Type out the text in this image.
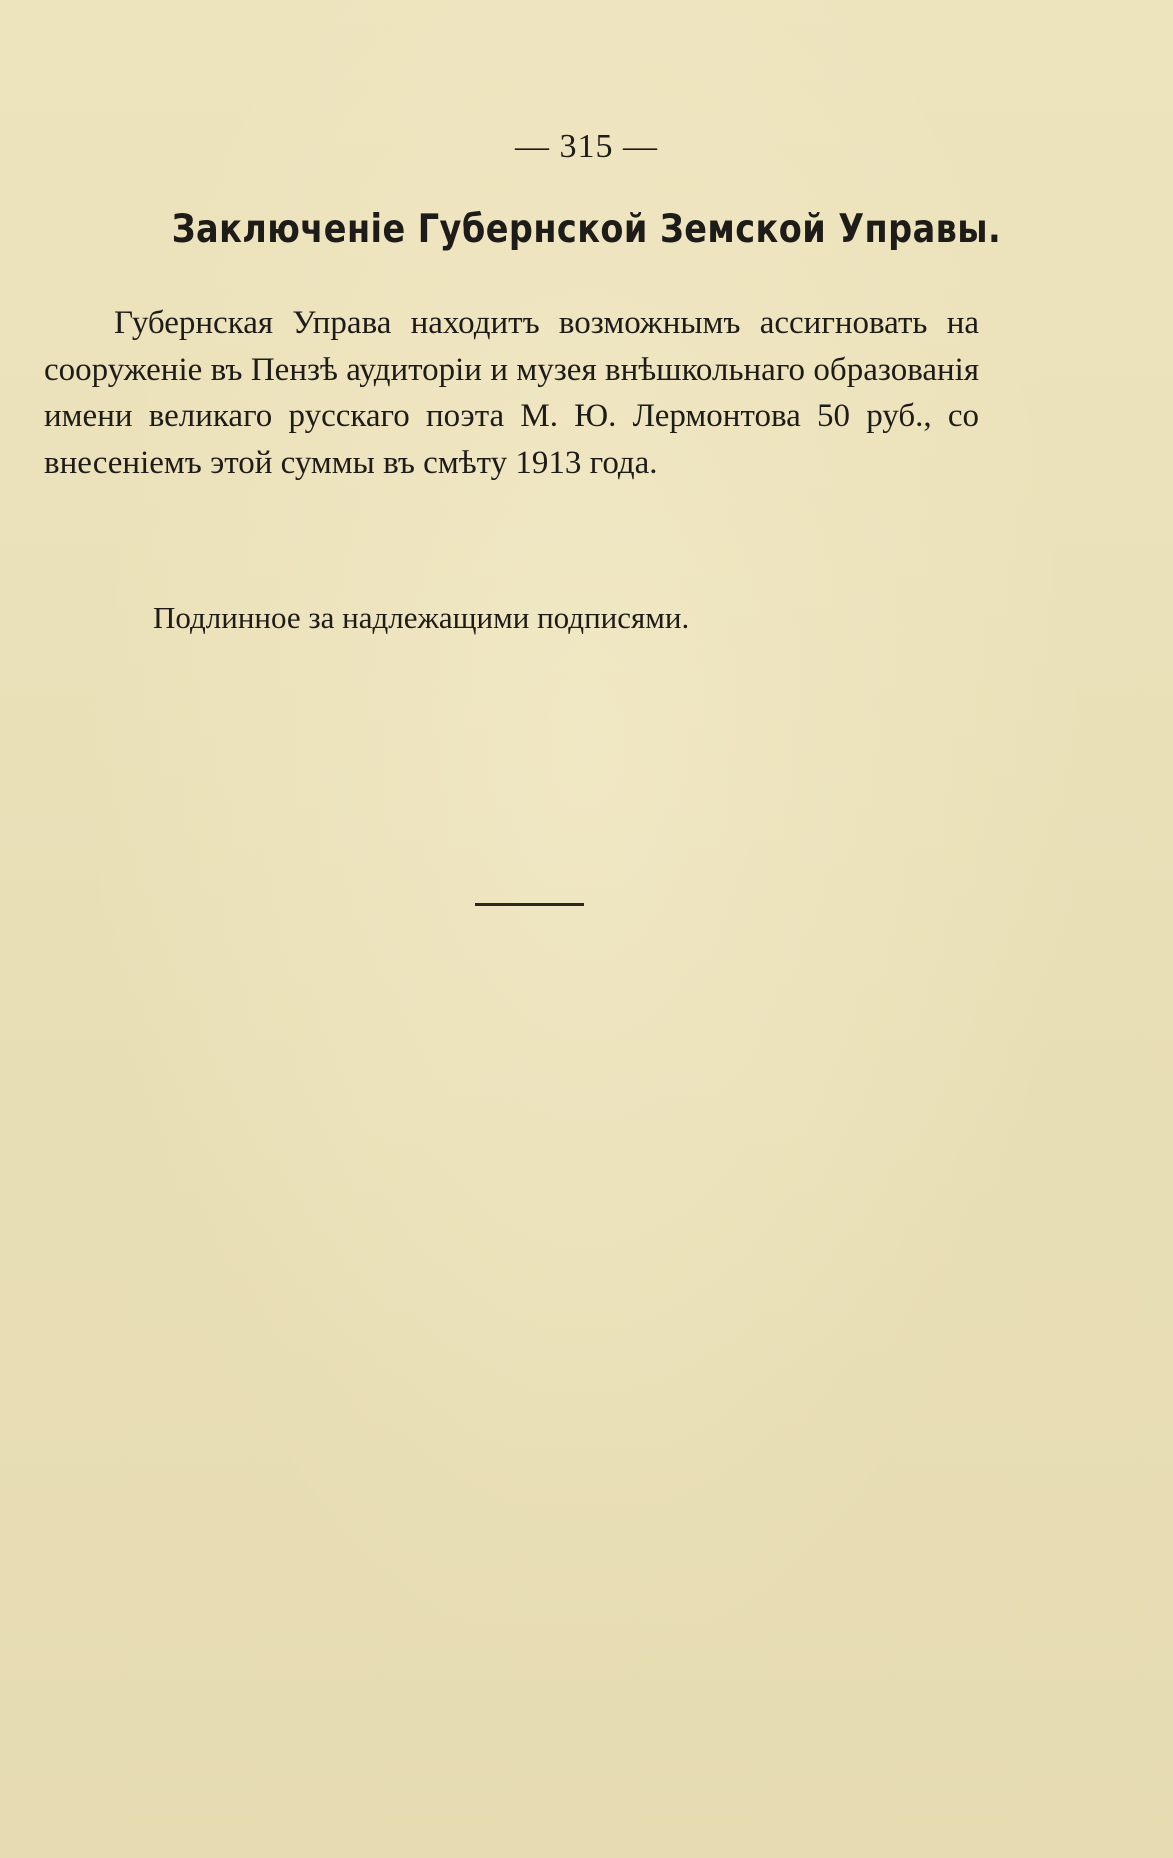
— 315 —
Заключеніе Губернской Земской Управы.

Губернская Управа находитъ возможнымъ ассигновать на сооруженіе въ Пензѣ аудиторіи и музея внѣшкольнаго образованія имени великаго русскаго поэта М. Ю. Лермонтова 50 руб., со внесеніемъ этой суммы въ смѣту 1913 года.

Подлинное за надлежащими подписями.
